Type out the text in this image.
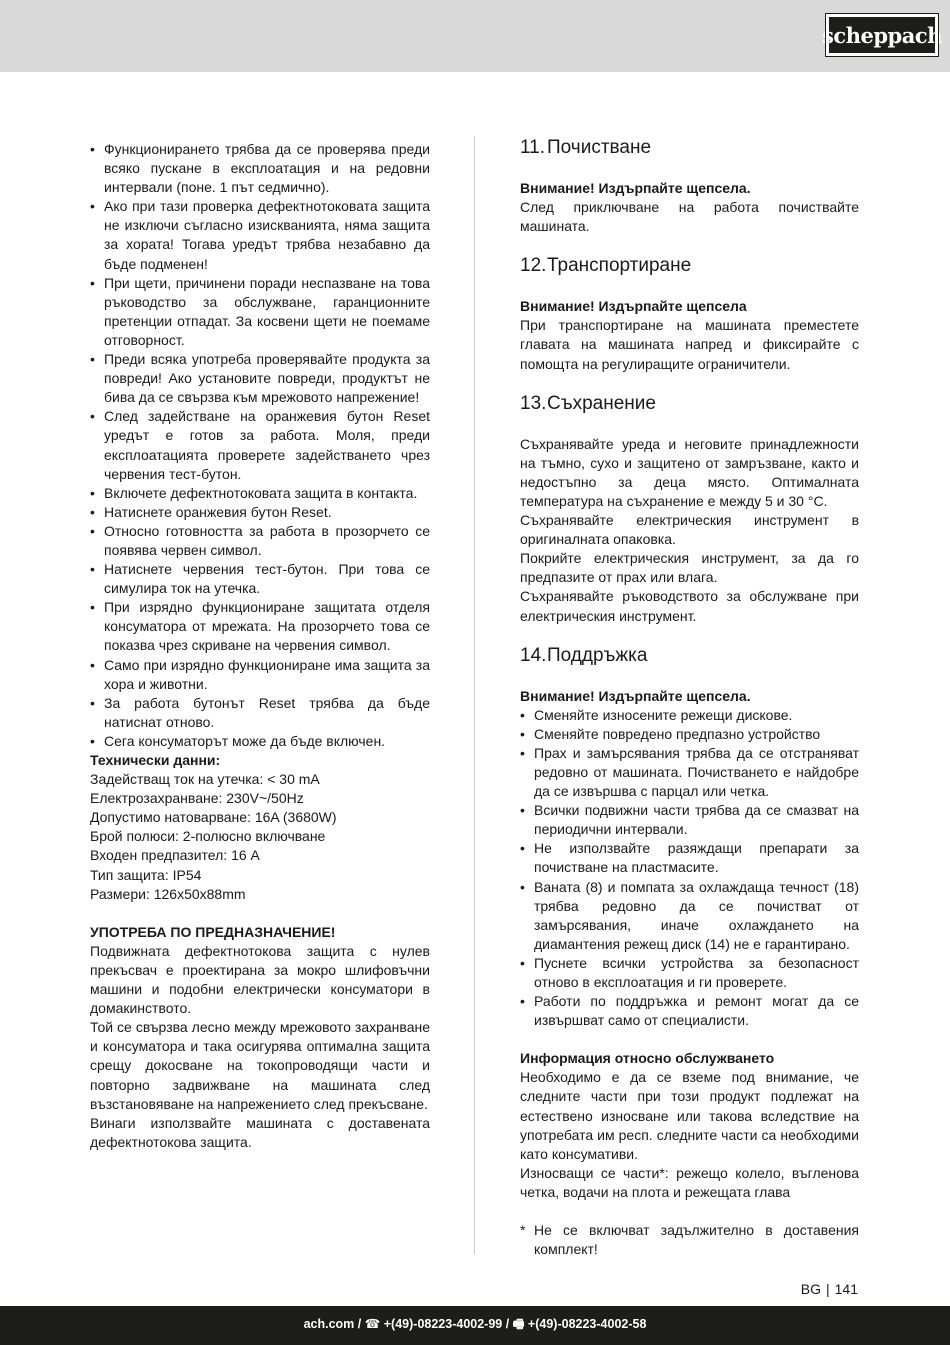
scheppach
• Функционирането трябва да се проверява преди всяко пускане в експлоатация и на редовни интервали (поне. 1 път седмично).
• Ако при тази проверка дефектнотоковата защита не изключи съгласно изискванията, няма защита за хората! Тогава уредът трябва незабавно да бъде подменен!
• При щети, причинени поради неспазване на това ръководство за обслужване, гаранционните претенции отпадат. За косвени щети не поемаме отговорност.
• Преди всяка употреба проверявайте продукта за повреди! Ако установите повреди, продуктът не бива да се свързва към мрежовото напрежение!
• След задействане на оранжевия бутон Reset уредът е готов за работа. Моля, преди експлоатацията проверете задействането чрез червения тест-бутон.
• Включете дефектнотоковата защита в контакта.
• Натиснете оранжевия бутон Reset.
• Относно готовността за работа в прозорчето се появява червен символ.
• Натиснете червения тест-бутон. При това се симулира ток на утечка.
• При изрядно функциониране защитата отделя консуматора от мрежата. На прозорчето това се показва чрез скриване на червения символ.
• Само при изрядно функциониране има защита за хора и животни.
• За работа бутонът Reset трябва да бъде натиснат отново.
• Сега консуматорът може да бъде включен.

Технически данни:

Задействащ ток на утечка: < 30 mA

Електрозахранване: 230V~/50Hz

Допустимо натоварване: 16A (3680W)

Брой полюси: 2-полюсно включване

Входен предпазител: 16 A

Тип защита: IP54

Размери: 126x50x88mm

УПОТРЕБА ПО ПРЕДНАЗНАЧЕНИЕ!

Подвижната дефектнотокова защита с нулев прекъсвач е проектирана за мокро шлифовъчни машини и подобни електрически консуматори в домакинството.

Той се свързва лесно между мрежовото захранване и консуматора и така осигурява оптимална защита срещу докосване на токопроводящи части и повторно задвижване на машината след възстановяване на напрежението след прекъсване.

Винаги използвайте машината с доставената дефектнотокова защита.

11. Почистване

Внимание! Издърпайте щепсела.

След приключване на работа почиствайте машината.

12. Транспортиране

Внимание! Издърпайте щепсела

При транспортиране на машината преместете главата на машината напред и фиксирайте с помощта на регулиращите ограничители.

13. Съхранение

Съхранявайте уреда и неговите принадлежности на тъмно, сухо и защитено от замръзване, както и недостъпно за деца място. Оптималната температура на съхранение е между 5 и 30 °C.

Съхранявайте електрическия инструмент в оригиналната опаковка.

Покрийте електрическия инструмент, за да го предпазите от прах или влага.

Съхранявайте ръководството за обслужване при електрическия инструмент.

14. Поддръжка

Внимание! Издърпайте щепсела.

• Сменяйте износените режещи дискове.
• Сменяйте повредено предпазно устройство
• Прах и замърсявания трябва да се отстраняват редовно от машината. Почистването е найдобре да се извършва с парцал или четка.
• Всички подвижни части трябва да се смазват на периодични интервали.
• Не използвайте разяждащи препарати за почистване на пластмасите.
• Ваната (8) и помпата за охлаждаща течност (18) трябва редовно да се почистват от замърсявания, иначе охлаждането на диамантения режещ диск (14) не е гарантирано.
• Пуснете всички устройства за безопасност отново в експлоатация и ги проверете.
• Работи по поддръжка и ремонт могат да се извършват само от специалисти.

Информация относно обслужването

Необходимо е да се вземе под внимание, че следните части при този продукт подлежат на естествено износване или такова вследствие на употребата им респ. следните части са необходими като консумативи.

Износващи се части*: режещо колело, въгленова четка, водачи на плота и режещата глава

* Не се включват задължително в доставения комплект!
BG | 141
ach.com / ☎ +(49)-08223-4002-99 / 🖷 +(49)-08223-4002-58
